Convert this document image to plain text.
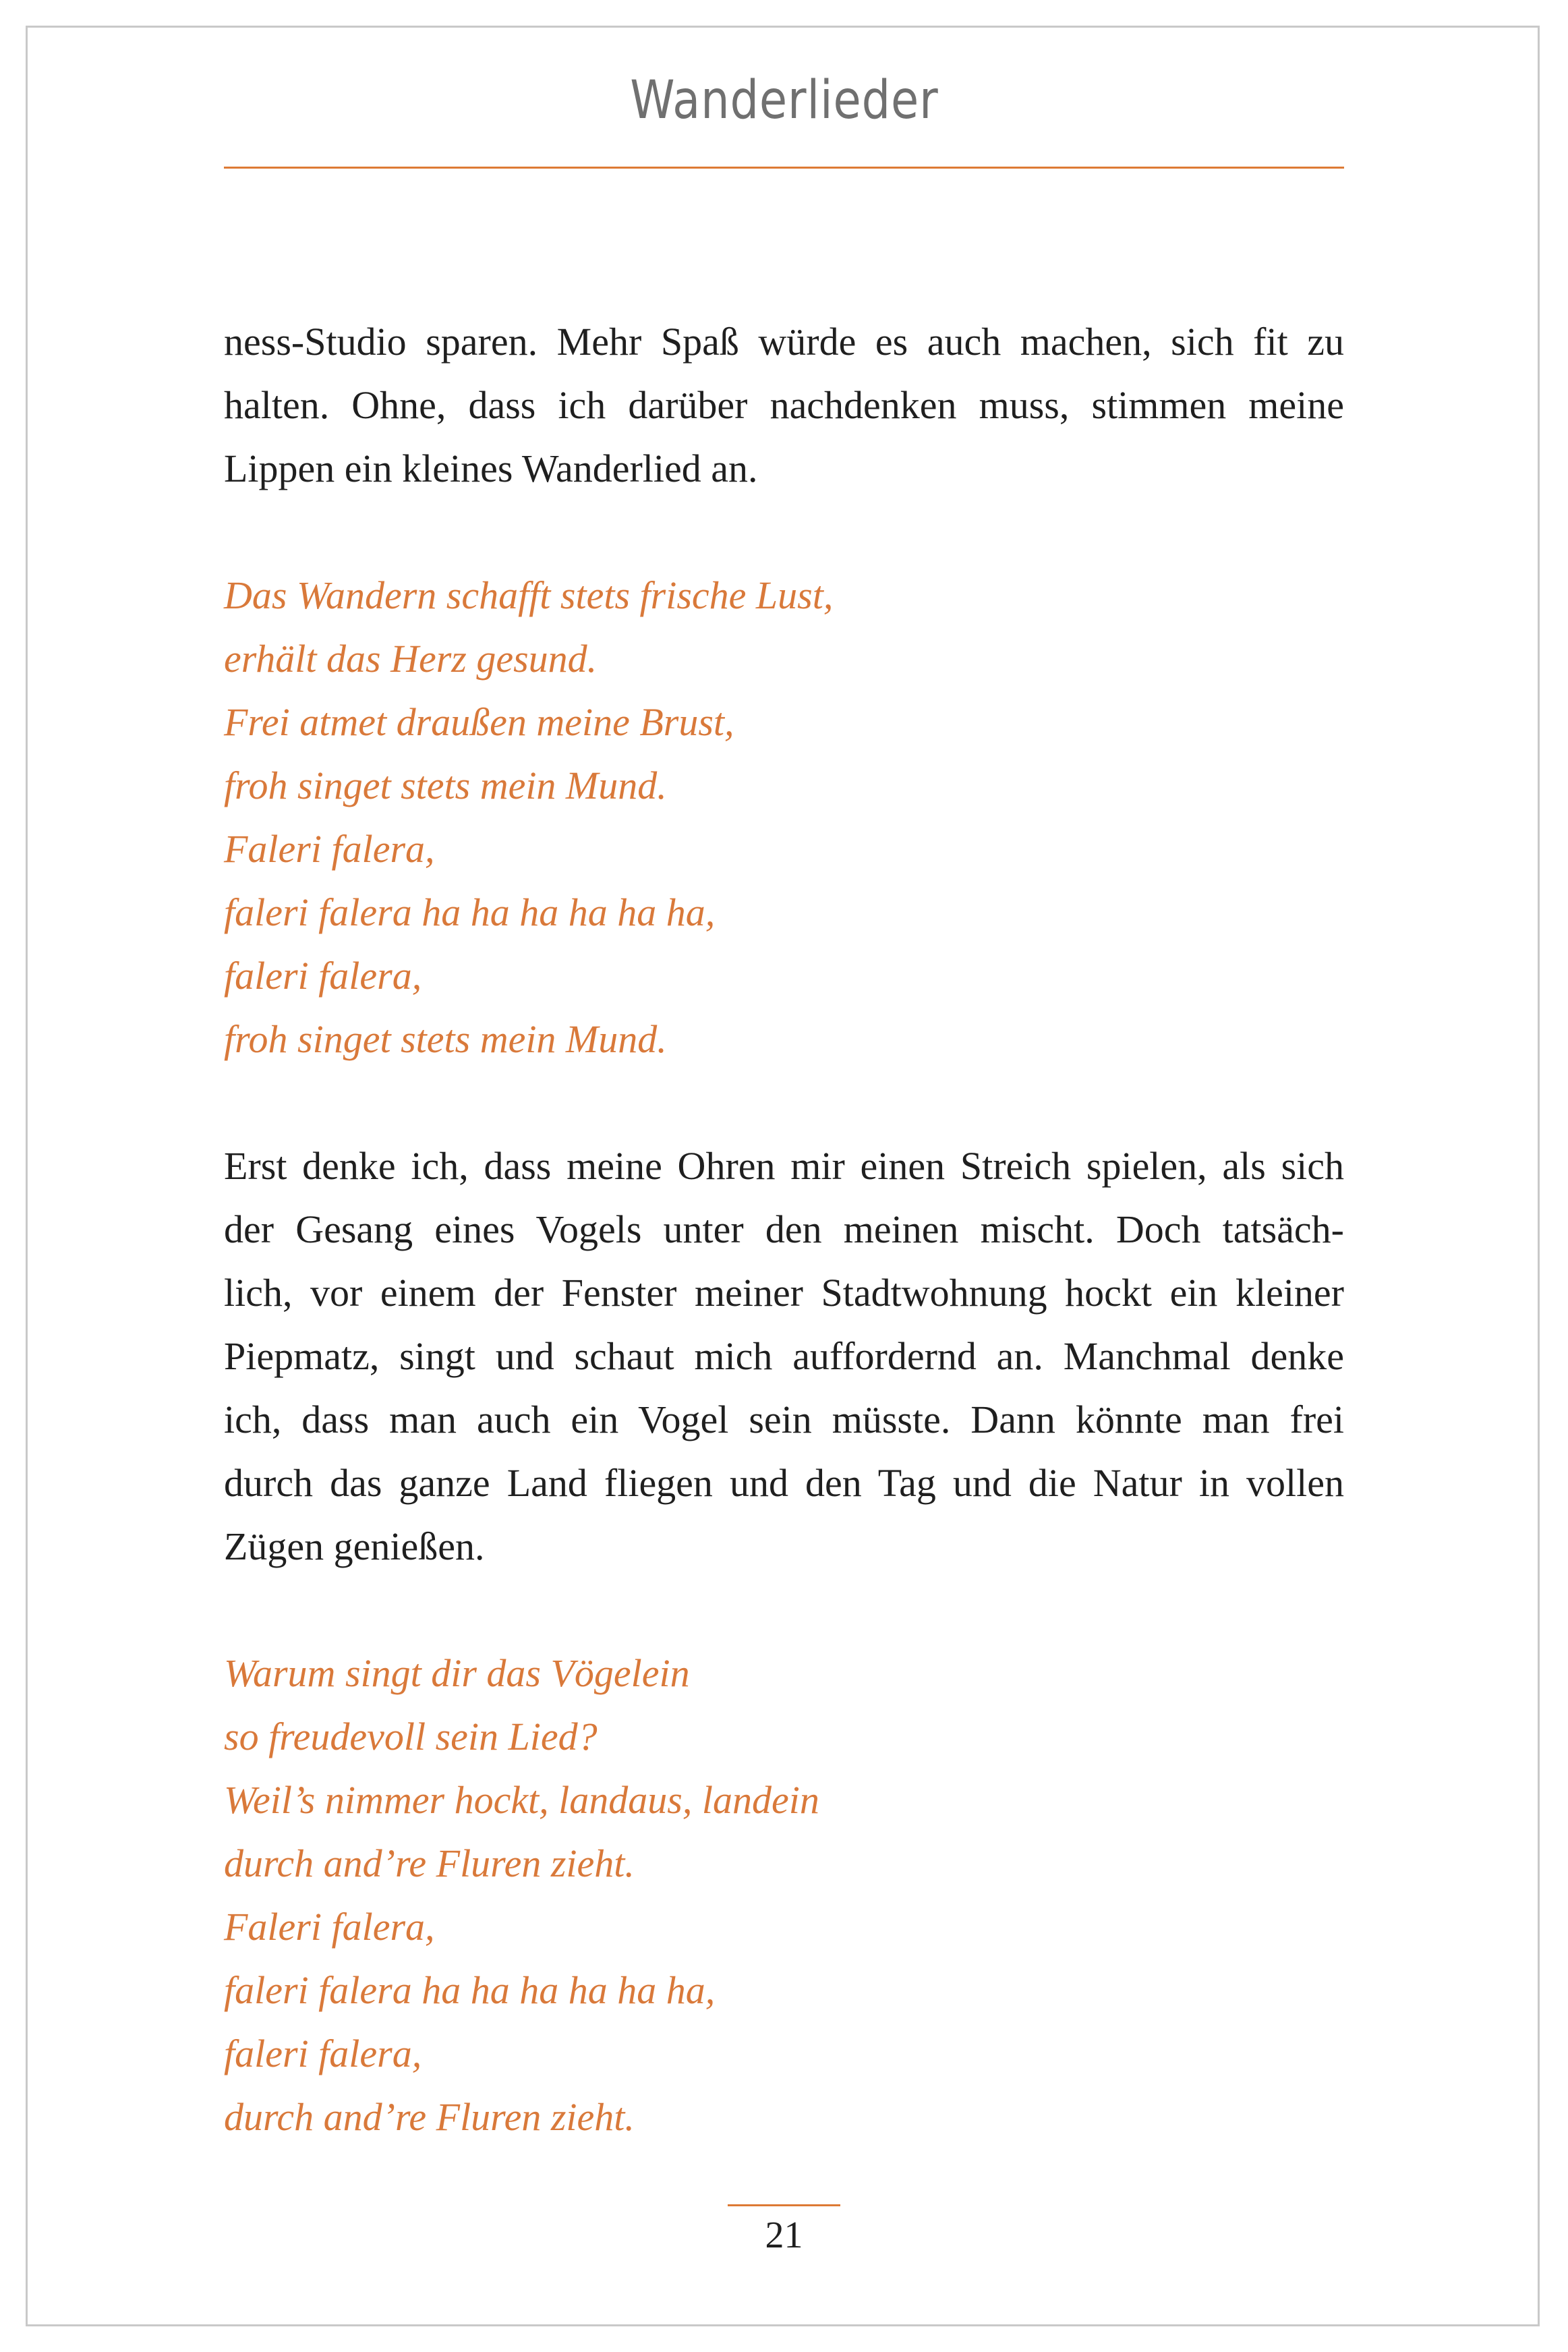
Wanderlieder
ness-Studio sparen. Mehr Spaß würde es auch machen, sich fit zu
halten. Ohne, dass ich darüber nachdenken muss, stimmen meine
Lippen ein kleines Wanderlied an.
Das Wandern schafft stets frische Lust,
erhält das Herz gesund.
Frei atmet draußen meine Brust,
froh singet stets mein Mund.
Faleri falera,
faleri falera ha ha ha ha ha ha,
faleri falera,
froh singet stets mein Mund.
Erst denke ich, dass meine Ohren mir einen Streich spielen, als sich
der Gesang eines Vogels unter den meinen mischt. Doch tatsäch-
lich, vor einem der Fenster meiner Stadtwohnung hockt ein kleiner
Piepmatz, singt und schaut mich auffordernd an. Manchmal denke
ich, dass man auch ein Vogel sein müsste. Dann könnte man frei
durch das ganze Land fliegen und den Tag und die Natur in vollen
Zügen genießen.
Warum singt dir das Vögelein
so freudevoll sein Lied?
Weil’s nimmer hockt, landaus, landein
durch and’re Fluren zieht.
Faleri falera,
faleri falera ha ha ha ha ha ha,
faleri falera,
durch and’re Fluren zieht.
21
